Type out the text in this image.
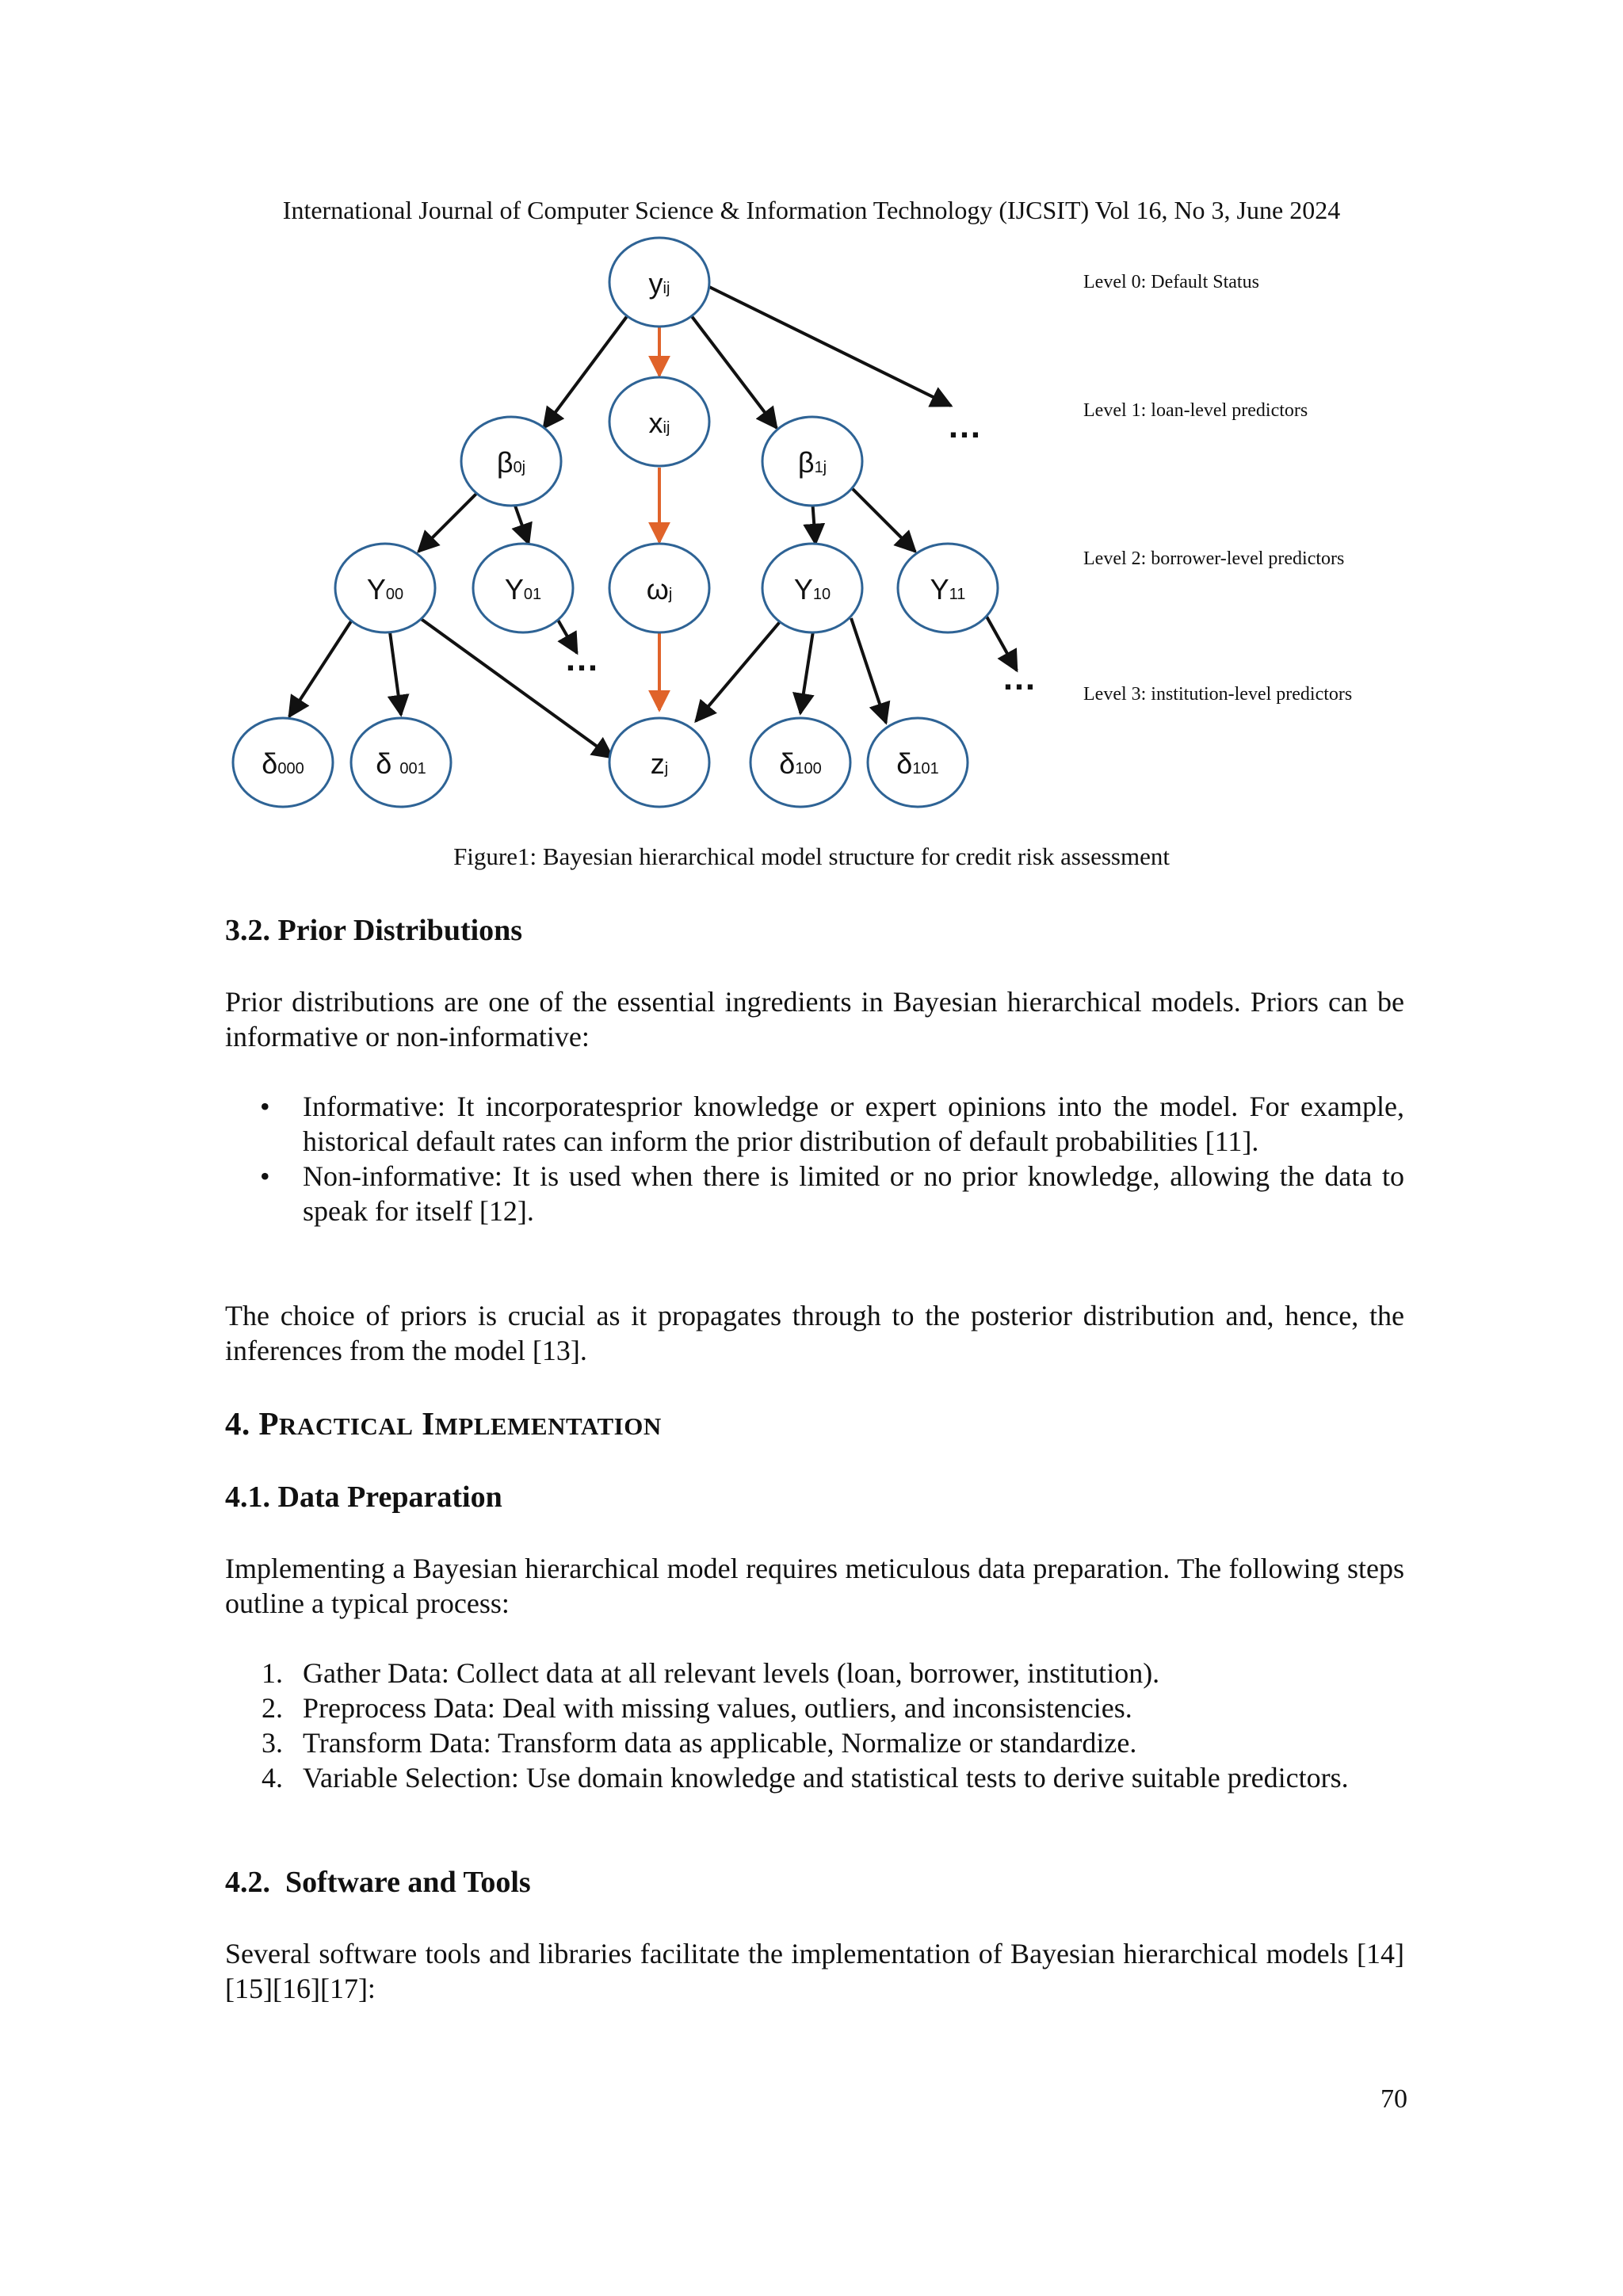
International Journal of Computer Science & Information Technology (IJCSIT) Vol 16, No 3, June 2024
yij
xij
β0j	β1j
Y00	Y01	ωj	Y10	Y11
δ000	δ 001	zj	δ100	δ101
…
…	…
Level 0: Default Status
Level 1: loan-level predictors
Level 2: borrower-level predictors
Level 3: institution-level predictors
Figure1: Bayesian hierarchical model structure for credit risk assessment
3.2. Prior Distributions
Prior distributions are one of the essential ingredients in Bayesian hierarchical models. Priors can be informative or non-informative:
• Informative: It incorporatesprior knowledge or expert opinions into the model. For example, historical default rates can inform the prior distribution of default probabilities [11].
• Non-informative: It is used when there is limited or no prior knowledge, allowing the data to speak for itself [12].
The choice of priors is crucial as it propagates through to the posterior distribution and, hence, the inferences from the model [13].
4. PRACTICAL IMPLEMENTATION
4.1. Data Preparation
Implementing a Bayesian hierarchical model requires meticulous data preparation. The following steps outline a typical process:
1. Gather Data: Collect data at all relevant levels (loan, borrower, institution).
2. Preprocess Data: Deal with missing values, outliers, and inconsistencies.
3. Transform Data: Transform data as applicable, Normalize or standardize.
4. Variable Selection: Use domain knowledge and statistical tests to derive suitable predictors.
4.2.  Software and Tools
Several software tools and libraries facilitate the implementation of Bayesian hierarchical models [14][15][16][17]:
70
